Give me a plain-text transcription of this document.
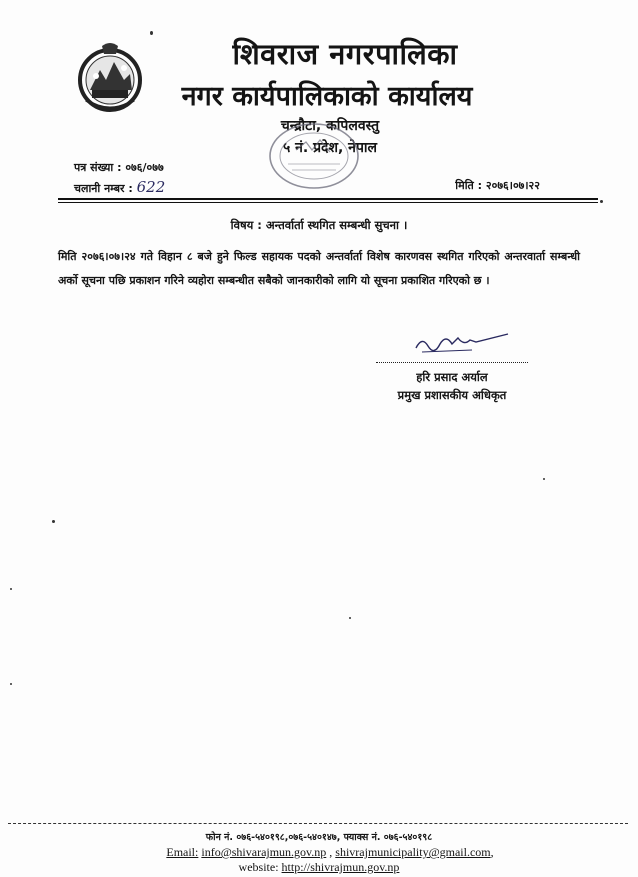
शिवराज नगरपालिका
नगर कार्यपालिकाको कार्यालय
चन्द्रौटा, कपिलवस्तु
५ नं. प्रदेश, नेपाल
पत्र संख्या : ०७६/०७७
चलानी नम्बर : 622	मिति : २०७६।०७।२२
विषय : अन्तर्वार्ता स्थगित सम्बन्धी सुचना ।
मिति २०७६।०७।२४ गते विहान ८ बजे हुने फिल्ड सहायक पदको अन्तर्वार्ता विशेष कारणवस स्थगित गरिएको अन्तरवार्ता सम्बन्धी अर्को सूचना पछि प्रकाशन गरिने व्यहोरा सम्बन्धीत सबैको जानकारीको लागि यो सूचना प्रकाशित गरिएको छ ।
हरि प्रसाद अर्याल
प्रमुख प्रशासकीय अधिकृत
फोन नं. ०७६-५४०१९८,०७६-५४०१४७, फ्याक्स नं. ०७६-५४०१९८
Email: info@shivarajmun.gov.np , shivrajmunicipality@gmail.com,
website: http://shivrajmun.gov.np
